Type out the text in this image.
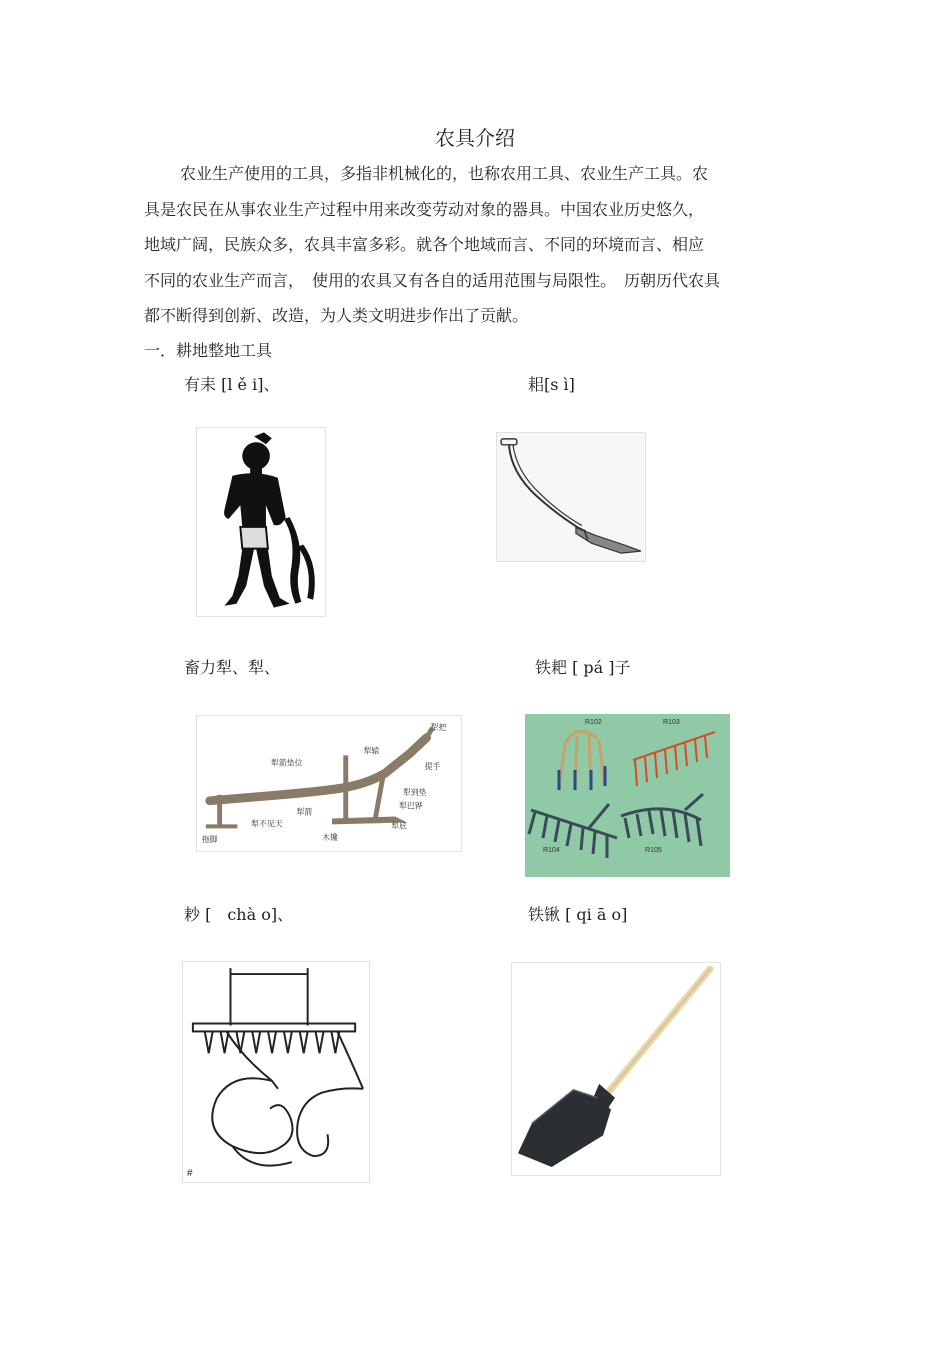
农具介绍

农业生产使用的工具，多指非机械化的，也称农用工具、农业生产工具。农

具是农民在从事农业生产过程中用来改变劳动对象的器具。中国农业历史悠久，

地域广阔，民族众多，农具丰富多彩。就各个地域而言、不同的环境而言、相应

不同的农业生产而言，　使用的农具又有各自的适用范围与局限性。　历朝历代农具

都不断得到创新、改造，为人类文明进步作出了贡献。

一．耕地整地工具
有耒 [l ě i]、	耜[s ì]
畜力犁、犁、	铁耙 [ pá ]子
犁把
犁辕
犁箭垫位	提手
犁到垫
犁巴铧
犁箭
犁不见天	犁底
拖脚	木镵
R102	R103
R104	R105
耖 [　chà o]、	铁锹 [ qi ā o]
#
